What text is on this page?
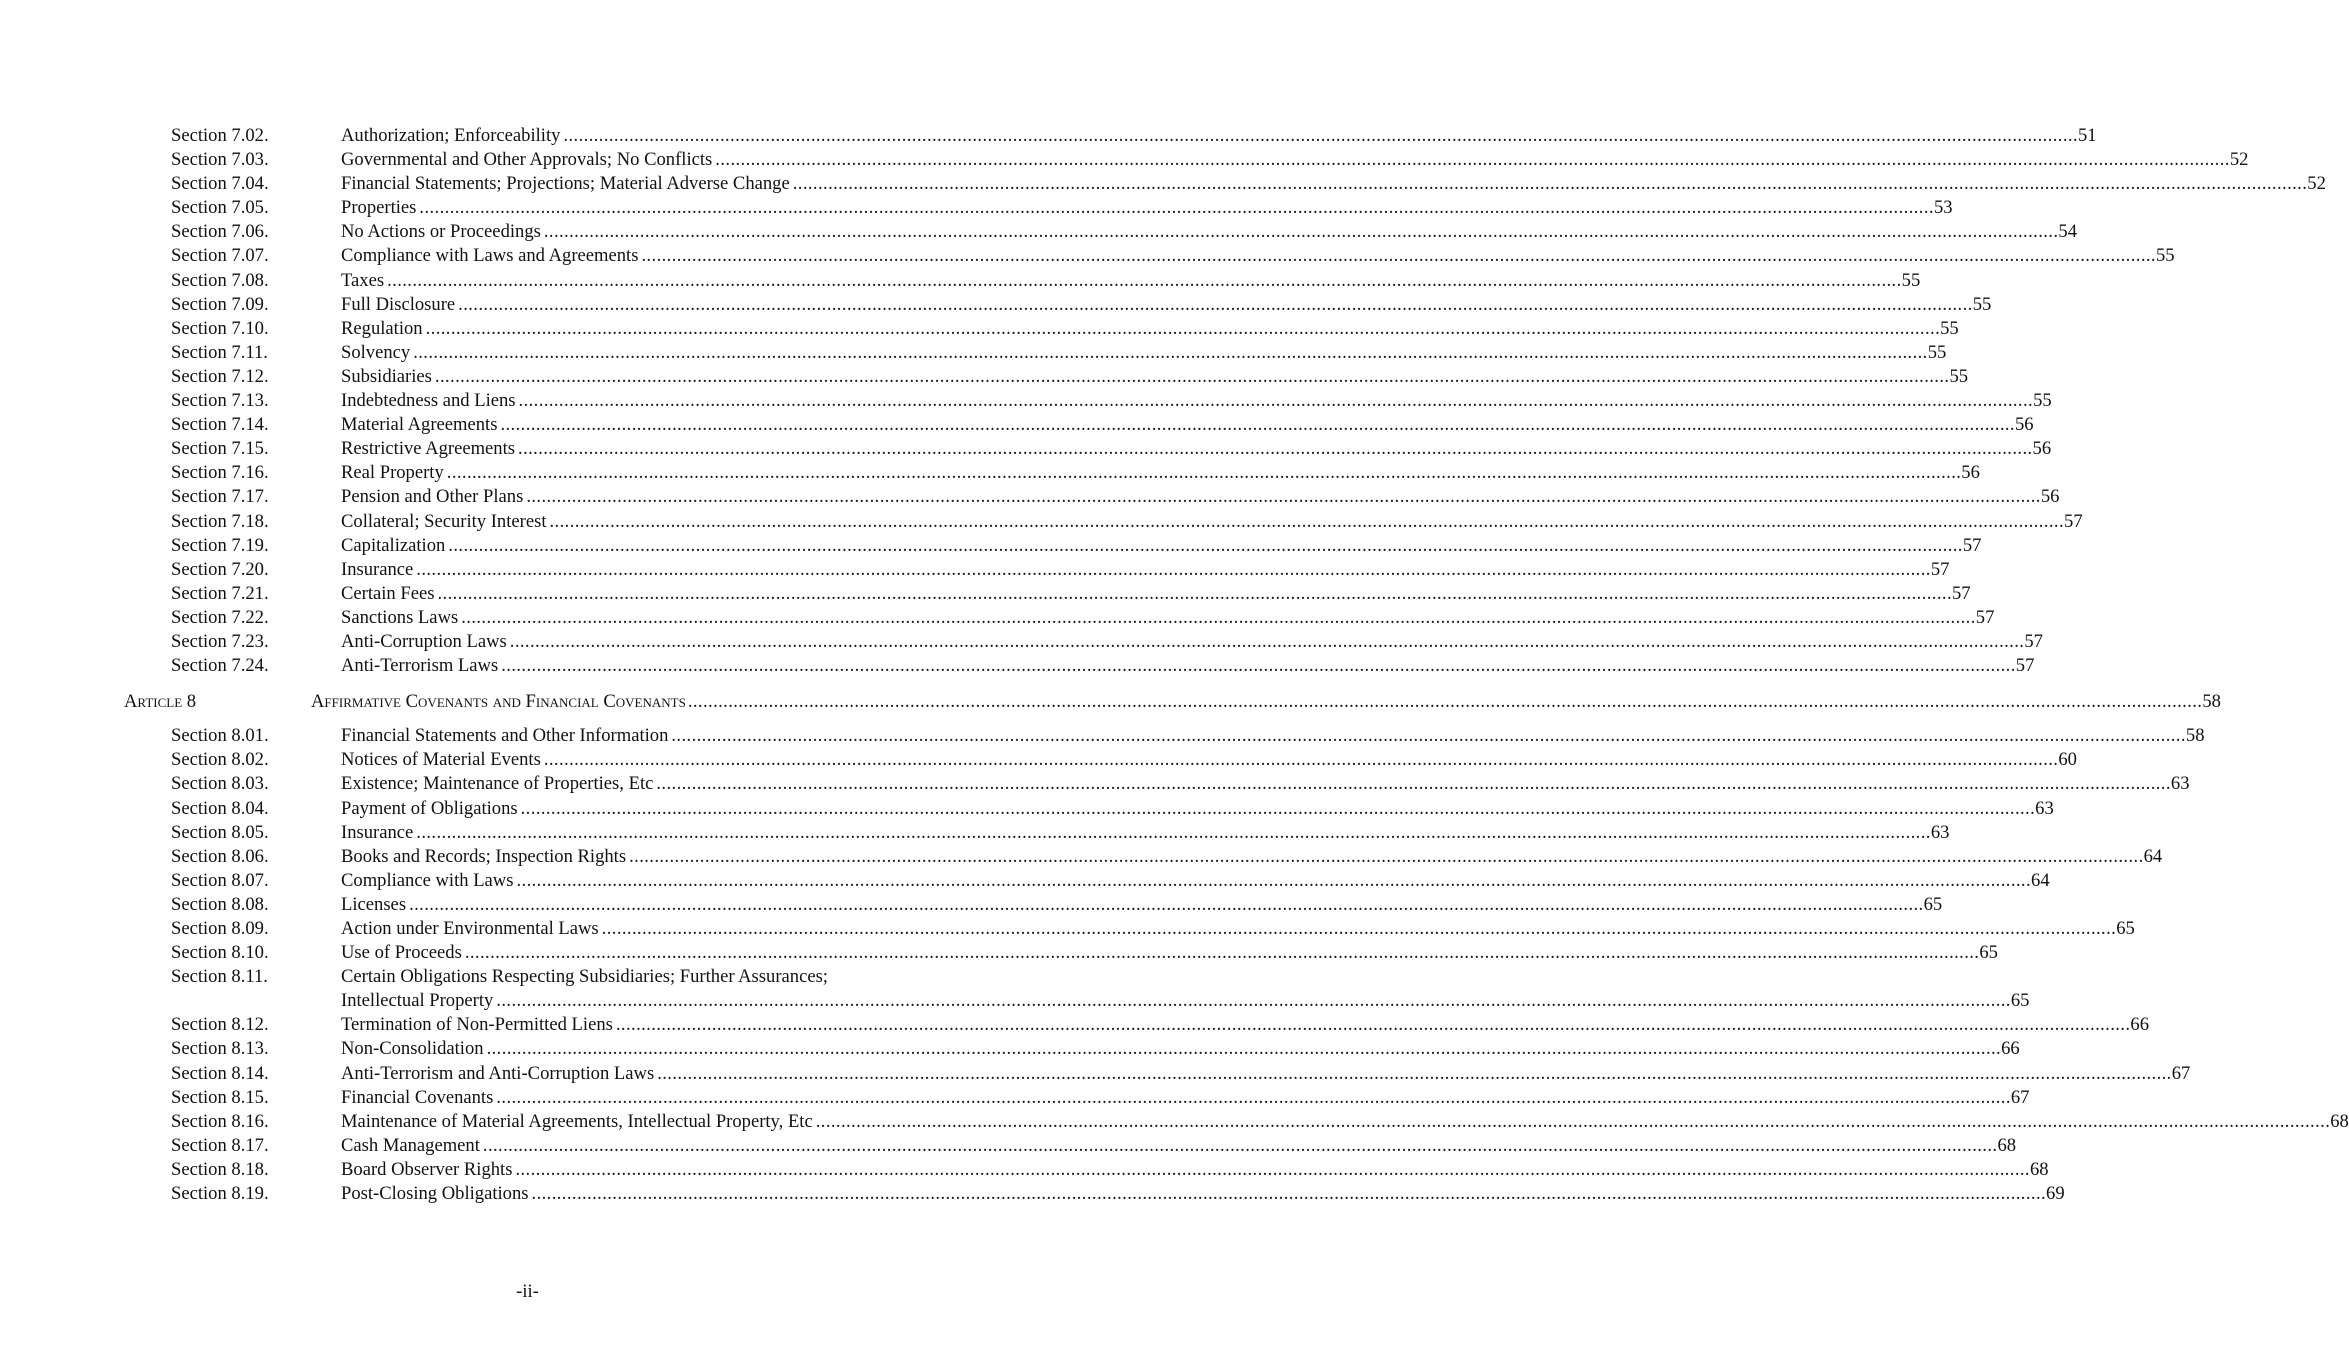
Section 7.02.	Authorization; Enforceability ............................................................................................................................................................................................................................................................................................................ 51
Section 7.03.	Governmental and Other Approvals; No Conflicts ............................................................................................................................................................................................................................................................................................................ 52
Section 7.04.	Financial Statements; Projections; Material Adverse Change ............................................................................................................................................................................................................................................................................................................ 52
Section 7.05.	Properties ............................................................................................................................................................................................................................................................................................................ 53
Section 7.06.	No Actions or Proceedings ............................................................................................................................................................................................................................................................................................................ 54
Section 7.07.	Compliance with Laws and Agreements ............................................................................................................................................................................................................................................................................................................ 55
Section 7.08.	Taxes ............................................................................................................................................................................................................................................................................................................ 55
Section 7.09.	Full Disclosure ............................................................................................................................................................................................................................................................................................................ 55
Section 7.10.	Regulation ............................................................................................................................................................................................................................................................................................................ 55
Section 7.11.	Solvency ............................................................................................................................................................................................................................................................................................................ 55
Section 7.12.	Subsidiaries ............................................................................................................................................................................................................................................................................................................ 55
Section 7.13.	Indebtedness and Liens ............................................................................................................................................................................................................................................................................................................ 55
Section 7.14.	Material Agreements ............................................................................................................................................................................................................................................................................................................ 56
Section 7.15.	Restrictive Agreements ............................................................................................................................................................................................................................................................................................................ 56
Section 7.16.	Real Property ............................................................................................................................................................................................................................................................................................................ 56
Section 7.17.	Pension and Other Plans ............................................................................................................................................................................................................................................................................................................ 56
Section 7.18.	Collateral; Security Interest ............................................................................................................................................................................................................................................................................................................ 57
Section 7.19.	Capitalization ............................................................................................................................................................................................................................................................................................................ 57
Section 7.20.	Insurance ............................................................................................................................................................................................................................................................................................................ 57
Section 7.21.	Certain Fees ............................................................................................................................................................................................................................................................................................................ 57
Section 7.22.	Sanctions Laws ............................................................................................................................................................................................................................................................................................................ 57
Section 7.23.	Anti-Corruption Laws ............................................................................................................................................................................................................................................................................................................ 57
Section 7.24.	Anti-Terrorism Laws ............................................................................................................................................................................................................................................................................................................ 57
Article 8	Affirmative Covenants and Financial Covenants ............................................................................................................................................................................................................................................................................................................ 58
Section 8.01.	Financial Statements and Other Information ............................................................................................................................................................................................................................................................................................................ 58
Section 8.02.	Notices of Material Events ............................................................................................................................................................................................................................................................................................................ 60
Section 8.03.	Existence; Maintenance of Properties, Etc ............................................................................................................................................................................................................................................................................................................ 63
Section 8.04.	Payment of Obligations ............................................................................................................................................................................................................................................................................................................ 63
Section 8.05.	Insurance ............................................................................................................................................................................................................................................................................................................ 63
Section 8.06.	Books and Records; Inspection Rights ............................................................................................................................................................................................................................................................................................................ 64
Section 8.07.	Compliance with Laws ............................................................................................................................................................................................................................................................................................................ 64
Section 8.08.	Licenses ............................................................................................................................................................................................................................................................................................................ 65
Section 8.09.	Action under Environmental Laws ............................................................................................................................................................................................................................................................................................................ 65
Section 8.10.	Use of Proceeds ............................................................................................................................................................................................................................................................................................................ 65
Section 8.11.	Certain Obligations Respecting Subsidiaries; Further Assurances;
Intellectual Property ............................................................................................................................................................................................................................................................................................................ 65
Section 8.12.	Termination of Non-Permitted Liens ............................................................................................................................................................................................................................................................................................................ 66
Section 8.13.	Non-Consolidation ............................................................................................................................................................................................................................................................................................................ 66
Section 8.14.	Anti-Terrorism and Anti-Corruption Laws ............................................................................................................................................................................................................................................................................................................ 67
Section 8.15.	Financial Covenants ............................................................................................................................................................................................................................................................................................................ 67
Section 8.16.	Maintenance of Material Agreements, Intellectual Property, Etc ............................................................................................................................................................................................................................................................................................................ 68
Section 8.17.	Cash Management ............................................................................................................................................................................................................................................................................................................ 68
Section 8.18.	Board Observer Rights ............................................................................................................................................................................................................................................................................................................ 68
Section 8.19.	Post-Closing Obligations ............................................................................................................................................................................................................................................................................................................ 69
-ii-
